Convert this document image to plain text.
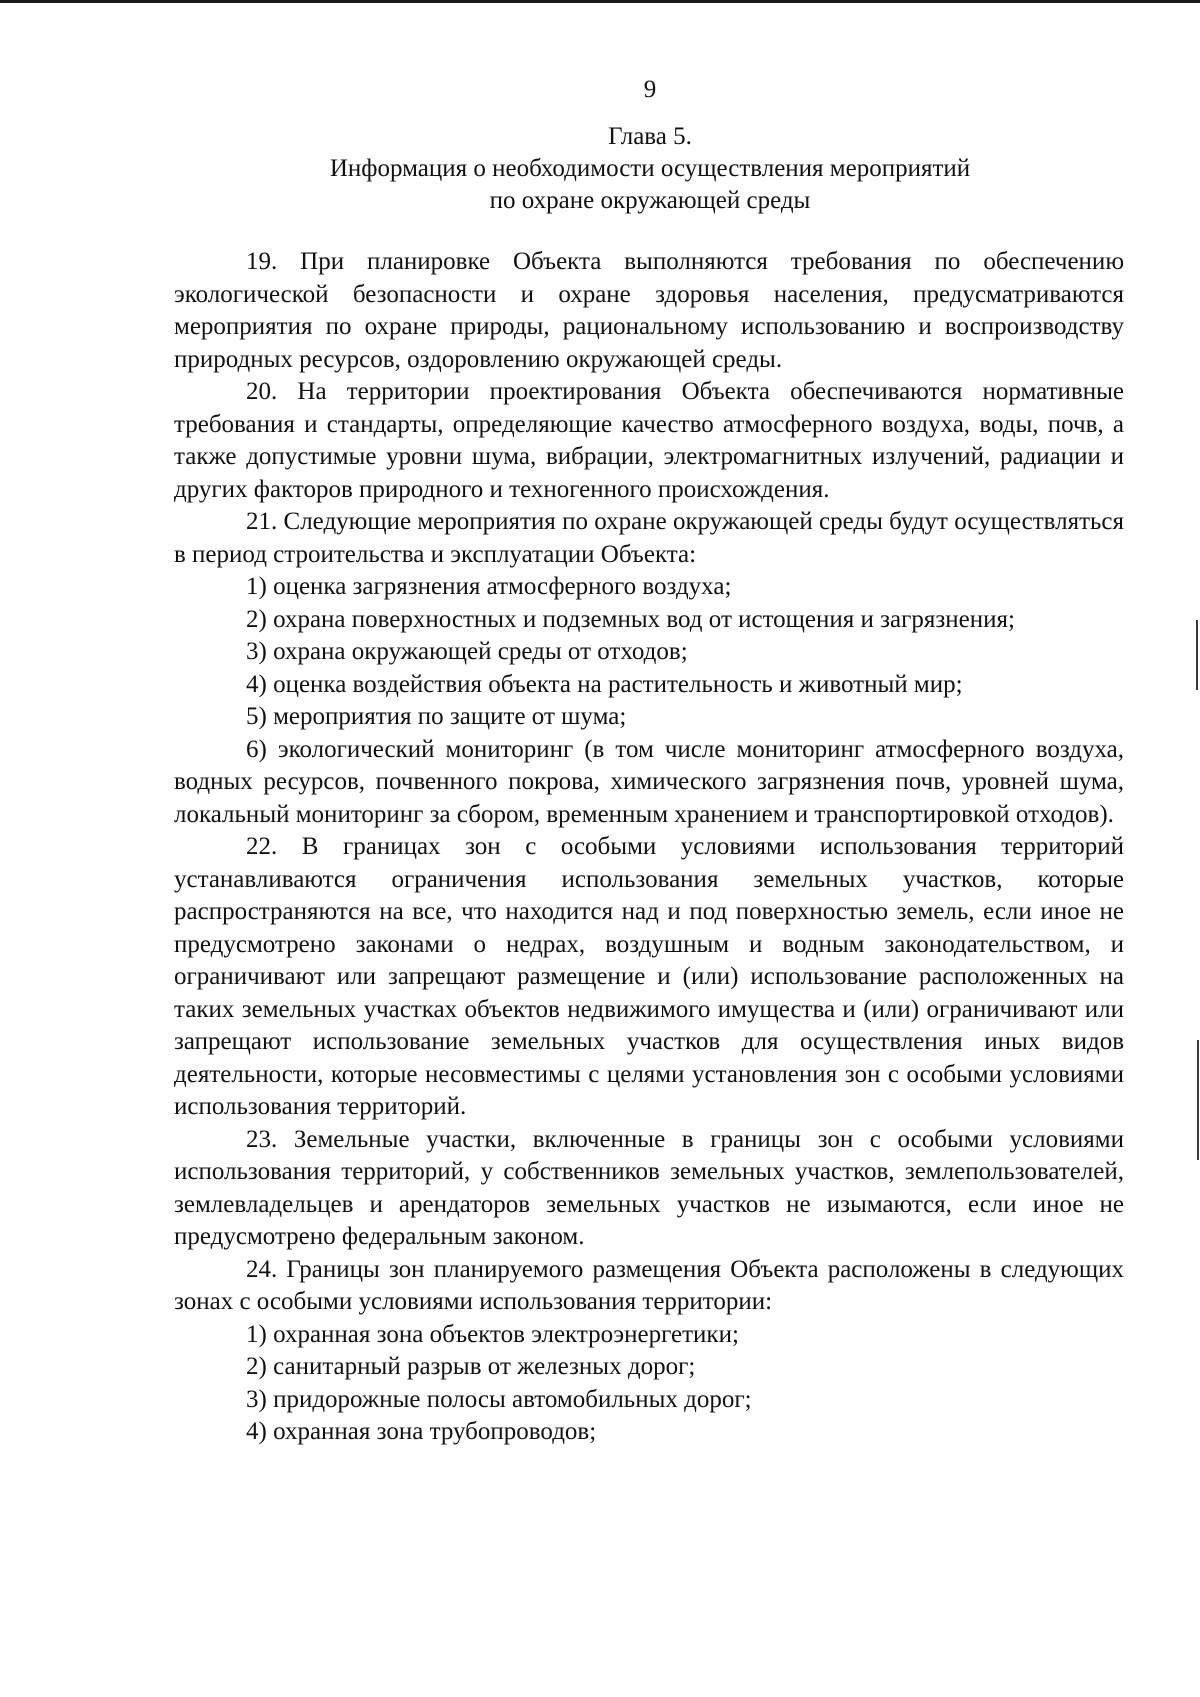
9
Глава 5.
Информация о необходимости осуществления мероприятий
по охране окружающей среды

19. При планировке Объекта выполняются требования по обеспечению экологической безопасности и охране здоровья населения, предусматриваются мероприятия по охране природы, рациональному использованию и воспроизводству природных ресурсов, оздоровлению окружающей среды.

20. На территории проектирования Объекта обеспечиваются нормативные требования и стандарты, определяющие качество атмосферного воздуха, воды, почв, а также допустимые уровни шума, вибрации, электромагнитных излучений, радиации и других факторов природного и техногенного происхождения.

21. Следующие мероприятия по охране окружающей среды будут осуществляться в период строительства и эксплуатации Объекта:

1) оценка загрязнения атмосферного воздуха;

2) охрана поверхностных и подземных вод от истощения и загрязнения;

3) охрана окружающей среды от отходов;

4) оценка воздействия объекта на растительность и животный мир;

5) мероприятия по защите от шума;

6) экологический мониторинг (в том числе мониторинг атмосферного воздуха, водных ресурсов, почвенного покрова, химического загрязнения почв, уровней шума, локальный мониторинг за сбором, временным хранением и транспортировкой отходов).

22. В границах зон с особыми условиями использования территорий устанавливаются ограничения использования земельных участков, которые распространяются на все, что находится над и под поверхностью земель, если иное не предусмотрено законами о недрах, воздушным и водным законодательством, и ограничивают или запрещают размещение и (или) использование расположенных на таких земельных участках объектов недвижимого имущества и (или) ограничивают или запрещают использование земельных участков для осуществления иных видов деятельности, которые несовместимы с целями установления зон с особыми условиями использования территорий.

23. Земельные участки, включенные в границы зон с особыми условиями использования территорий, у собственников земельных участков, землепользователей, землевладельцев и арендаторов земельных участков не изымаются, если иное не предусмотрено федеральным законом.

24. Границы зон планируемого размещения Объекта расположены в следующих зонах с особыми условиями использования территории:

1) охранная зона объектов электроэнергетики;

2) санитарный разрыв от железных дорог;

3) придорожные полосы автомобильных дорог;

4) охранная зона трубопроводов;
